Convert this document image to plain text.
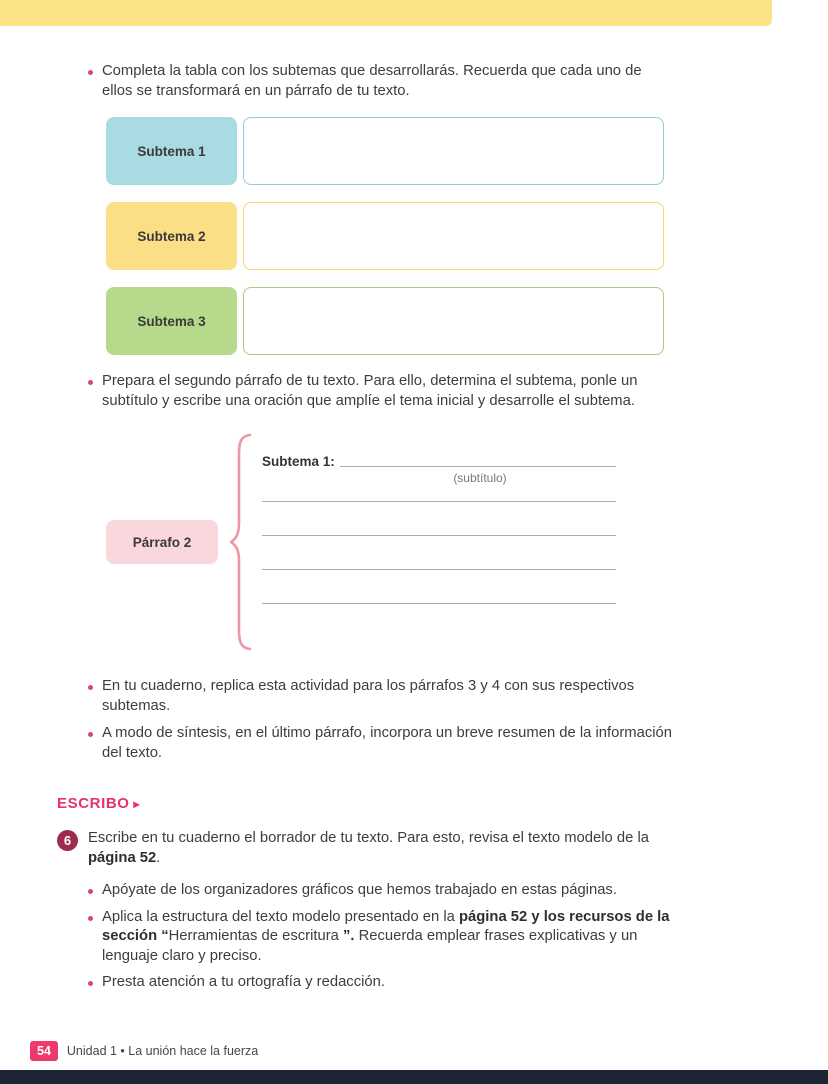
Completa la tabla con los subtemas que desarrollarás. Recuerda que cada uno de ellos se transformará en un párrafo de tu texto.
Subtema 1
Subtema 2
Subtema 3
Prepara el segundo párrafo de tu texto. Para ello, determina el subtema, ponle un subtítulo y escribe una oración que amplíe el tema inicial y desarrolle el subtema.
Párrafo 2
Subtema 1:
(subtítulo)
En tu cuaderno, replica esta actividad para los párrafos 3 y 4 con sus respectivos subtemas.
A modo de síntesis, en el último párrafo, incorpora un breve resumen de la información del texto.
ESCRIBO ▸
6	Escribe en tu cuaderno el borrador de tu texto. Para esto, revisa el texto modelo de la página 52.
Apóyate de los organizadores gráficos que hemos trabajado en estas páginas.
Aplica la estructura del texto modelo presentado en la página 52 y los recursos de la sección “Herramientas de escritura ”. Recuerda emplear frases explicativas y un lenguaje claro y preciso.
Presta atención a tu ortografía y redacción.
54	Unidad 1 • La unión hace la fuerza
